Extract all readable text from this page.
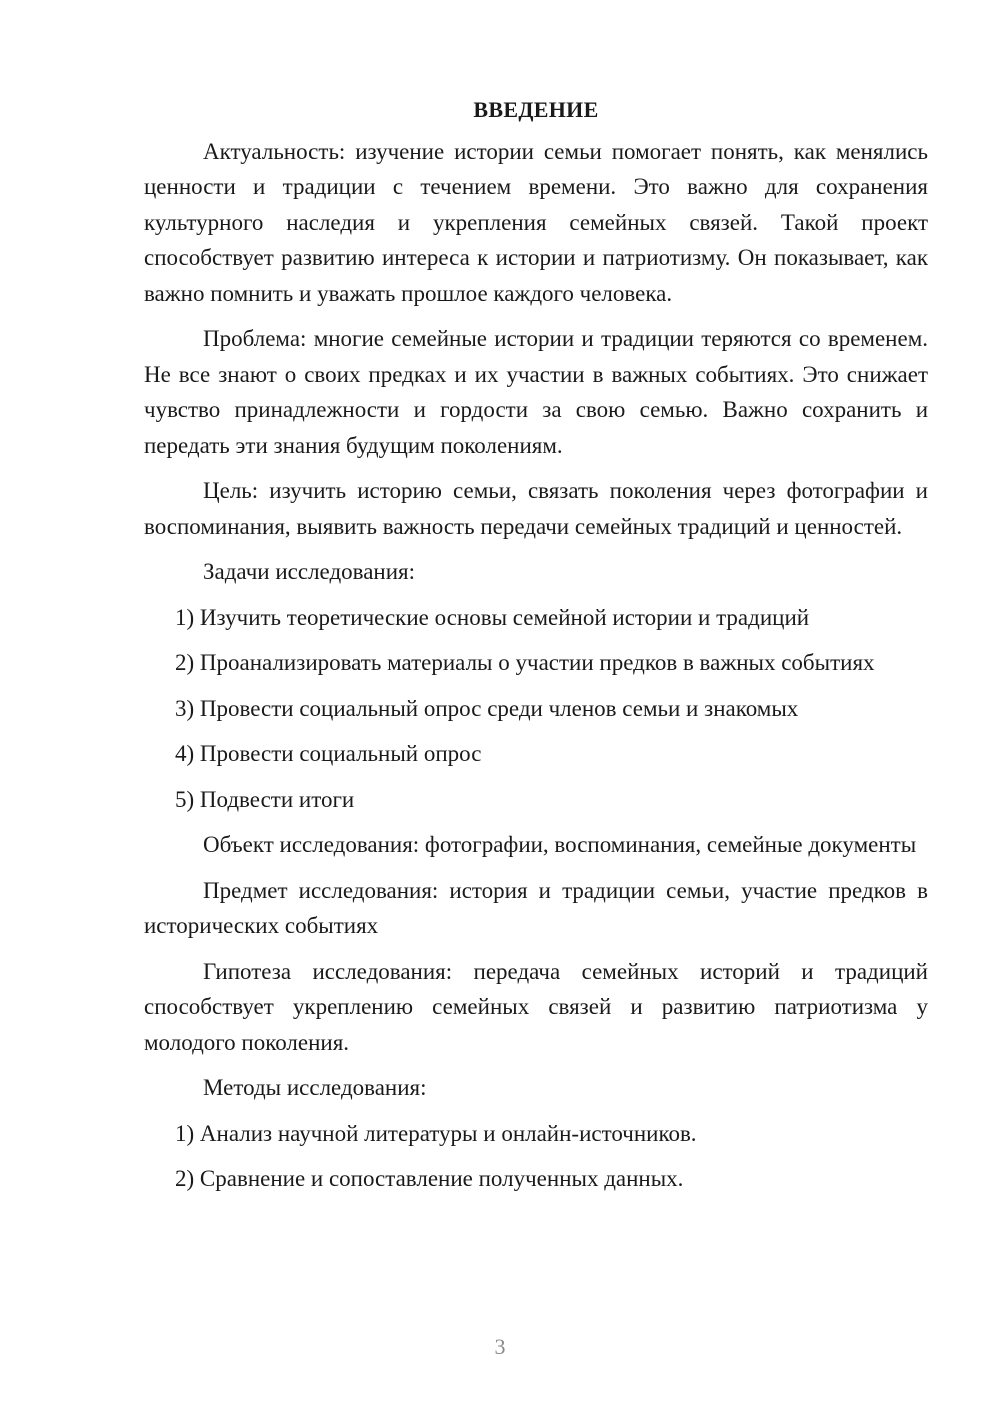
ВВЕДЕНИЕ

Актуальность: изучение истории семьи помогает понять, как менялись ценности и традиции с течением времени. Это важно для сохранения культурного наследия и укрепления семейных связей. Такой проект способствует развитию интереса к истории и патриотизму. Он показывает, как важно помнить и уважать прошлое каждого человека.

Проблема: многие семейные истории и традиции теряются со временем. Не все знают о своих предках и их участии в важных событиях. Это снижает чувство принадлежности и гордости за свою семью. Важно сохранить и передать эти знания будущим поколениям.

Цель: изучить историю семьи, связать поколения через фотографии и воспоминания, выявить важность передачи семейных традиций и ценностей.

Задачи исследования:

1) Изучить теоретические основы семейной истории и традиций

2) Проанализировать материалы о участии предков в важных событиях

3) Провести социальный опрос среди членов семьи и знакомых

4) Провести социальный опрос

5) Подвести итоги

Объект исследования: фотографии, воспоминания, семейные документы

Предмет исследования: история и традиции семьи, участие предков в исторических событиях

Гипотеза исследования: передача семейных историй и традиций способствует укреплению семейных связей и развитию патриотизма у молодого поколения.

Методы исследования:

1) Анализ научной литературы и онлайн-источников.

2) Сравнение и сопоставление полученных данных.

3
